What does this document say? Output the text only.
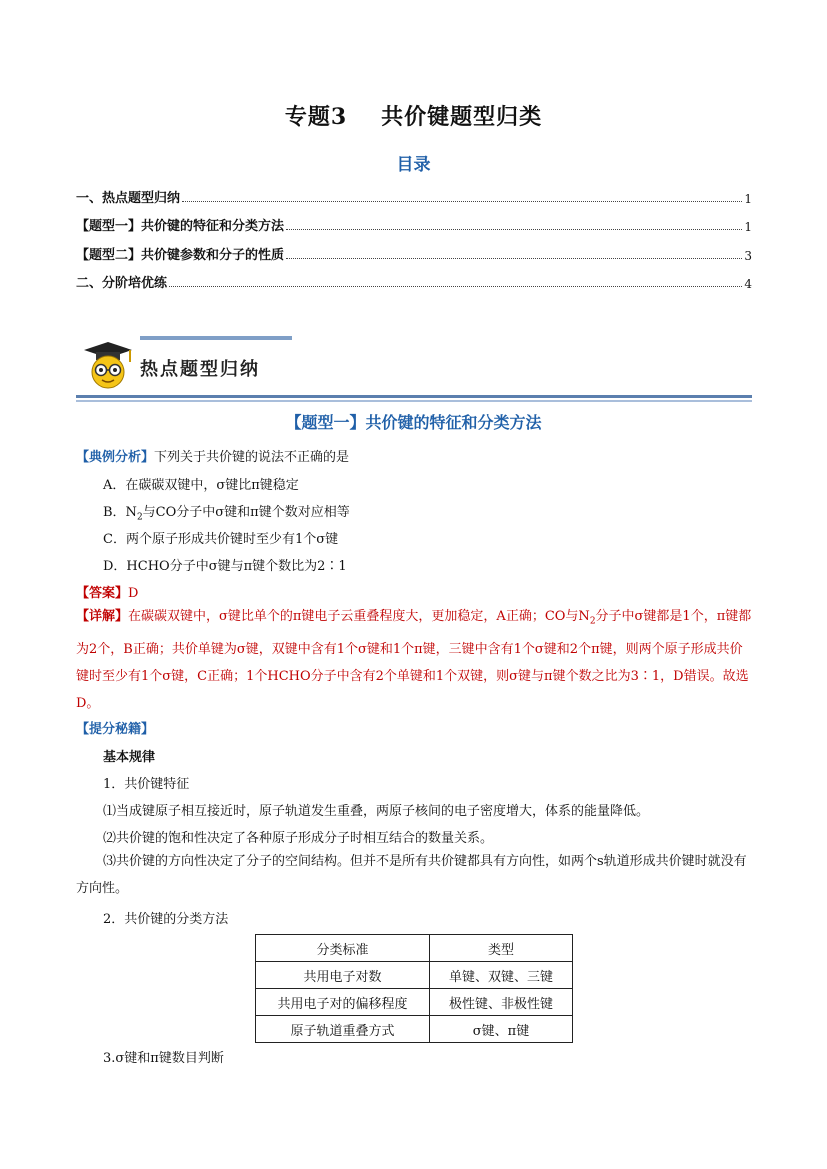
专题3 共价键题型归类
目录
一、热点题型归纳	1
【题型一】共价键的特征和分类方法	1
【题型二】共价键参数和分子的性质	3
二、分阶培优练	4
热点题型归纳
【题型一】共价键的特征和分类方法
【典例分析】下列关于共价键的说法不正确的是
A．在碳碳双键中，σ键比π键稳定
B．$N_2$与CO分子中σ键和π键个数对应相等
C．两个原子形成共价键时至少有1个σ键
D．HCHO分子中σ键与π键个数比为2∶1
【答案】D
【详解】在碳碳双键中，σ键比单个的π键电子云重叠程度大，更加稳定，A正确；CO与$N_2$分子中σ键都是1个，π键都为2个，B正确；共价单键为σ键，双键中含有1个σ键和1个π键，三键中含有1个σ键和2个π键，则两个原子形成共价键时至少有1个σ键，C正确；1个HCHO分子中含有2个单键和1个双键，则σ键与π键个数之比为3∶1，D错误。故选D。
【提分秘籍】
基本规律
1．共价键特征
⑴当成键原子相互接近时，原子轨道发生重叠，两原子核间的电子密度增大，体系的能量降低。
⑵共价键的饱和性决定了各种原子形成分子时相互结合的数量关系。
⑶共价键的方向性决定了分子的空间结构。但并不是所有共价键都具有方向性，如两个s轨道形成共价键时就没有方向性。
2．共价键的分类方法
分类标准	类型
共用电子对数	单键、双键、三键
共用电子对的偏移程度	极性键、非极性键
原子轨道重叠方式	σ键、π键
3.σ键和π键数目判断
